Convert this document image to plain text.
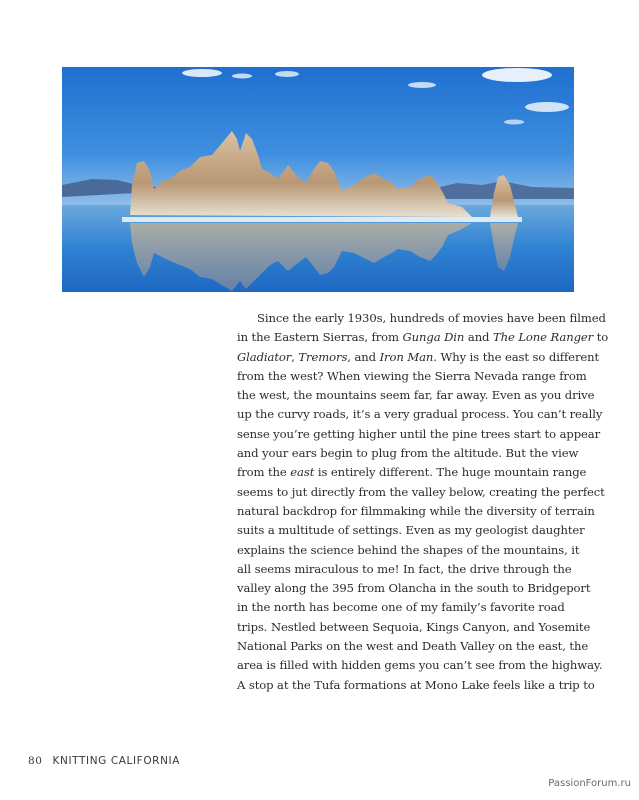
Since the early 1930s, hundreds of movies have been filmed
in the Eastern Sierras, from Gunga Din and The Lone Ranger to
Gladiator, Tremors, and Iron Man. Why is the east so different
from the west? When viewing the Sierra Nevada range from
the west, the mountains seem far, far away. Even as you drive
up the curvy roads, it’s a very gradual process. You can’t really
sense you’re getting higher until the pine trees start to appear
and your ears begin to plug from the altitude. But the view
from the east is entirely different. The huge mountain range
seems to jut directly from the valley below, creating the perfect
natural backdrop for filmmaking while the diversity of terrain
suits a multitude of settings. Even as my geologist daughter
explains the science behind the shapes of the mountains, it
all seems miraculous to me! In fact, the drive through the
valley along the 395 from Olancha in the south to Bridgeport
in the north has become one of my family’s favorite road
trips. Nestled between Sequoia, Kings Canyon, and Yosemite
National Parks on the west and Death Valley on the east, the
area is filled with hidden gems you can’t see from the highway.
A stop at the Tufa formations at Mono Lake feels like a trip to
80 KNITTING CALIFORNIA
PassionForum.ru
